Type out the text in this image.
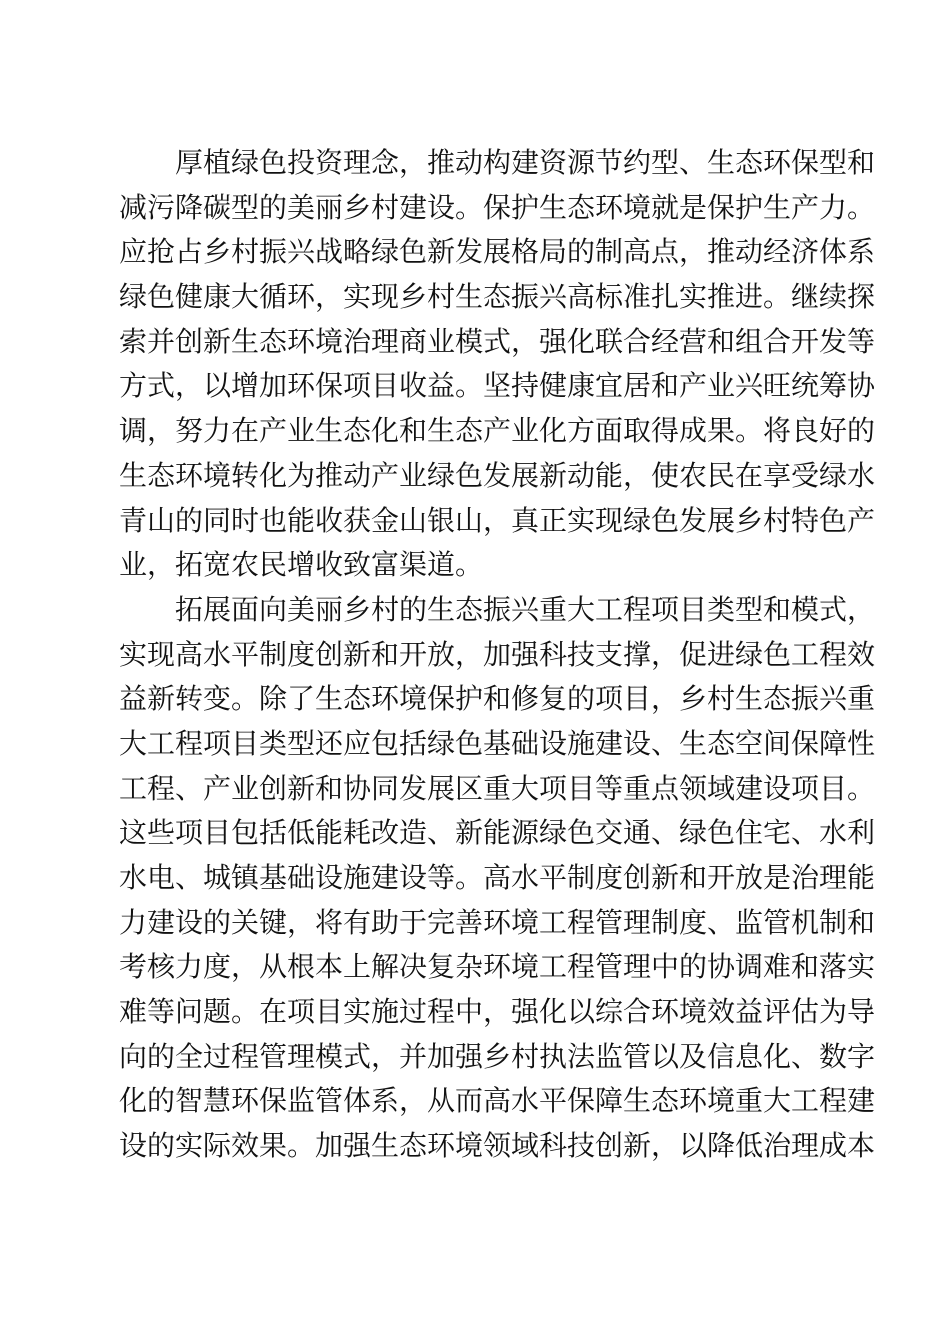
厚植绿色投资理念，推动构建资源节约型、生态环保型和
减污降碳型的美丽乡村建设。保护生态环境就是保护生产力。
应抢占乡村振兴战略绿色新发展格局的制高点，推动经济体系
绿色健康大循环，实现乡村生态振兴高标准扎实推进。继续探
索并创新生态环境治理商业模式，强化联合经营和组合开发等
方式，以增加环保项目收益。坚持健康宜居和产业兴旺统筹协
调，努力在产业生态化和生态产业化方面取得成果。将良好的
生态环境转化为推动产业绿色发展新动能，使农民在享受绿水
青山的同时也能收获金山银山，真正实现绿色发展乡村特色产
业，拓宽农民增收致富渠道。
拓展面向美丽乡村的生态振兴重大工程项目类型和模式，
实现高水平制度创新和开放，加强科技支撑，促进绿色工程效
益新转变。除了生态环境保护和修复的项目，乡村生态振兴重
大工程项目类型还应包括绿色基础设施建设、生态空间保障性
工程、产业创新和协同发展区重大项目等重点领域建设项目。
这些项目包括低能耗改造、新能源绿色交通、绿色住宅、水利
水电、城镇基础设施建设等。高水平制度创新和开放是治理能
力建设的关键，将有助于完善环境工程管理制度、监管机制和
考核力度，从根本上解决复杂环境工程管理中的协调难和落实
难等问题。在项目实施过程中，强化以综合环境效益评估为导
向的全过程管理模式，并加强乡村执法监管以及信息化、数字
化的智慧环保监管体系，从而高水平保障生态环境重大工程建
设的实际效果。加强生态环境领域科技创新，以降低治理成本
